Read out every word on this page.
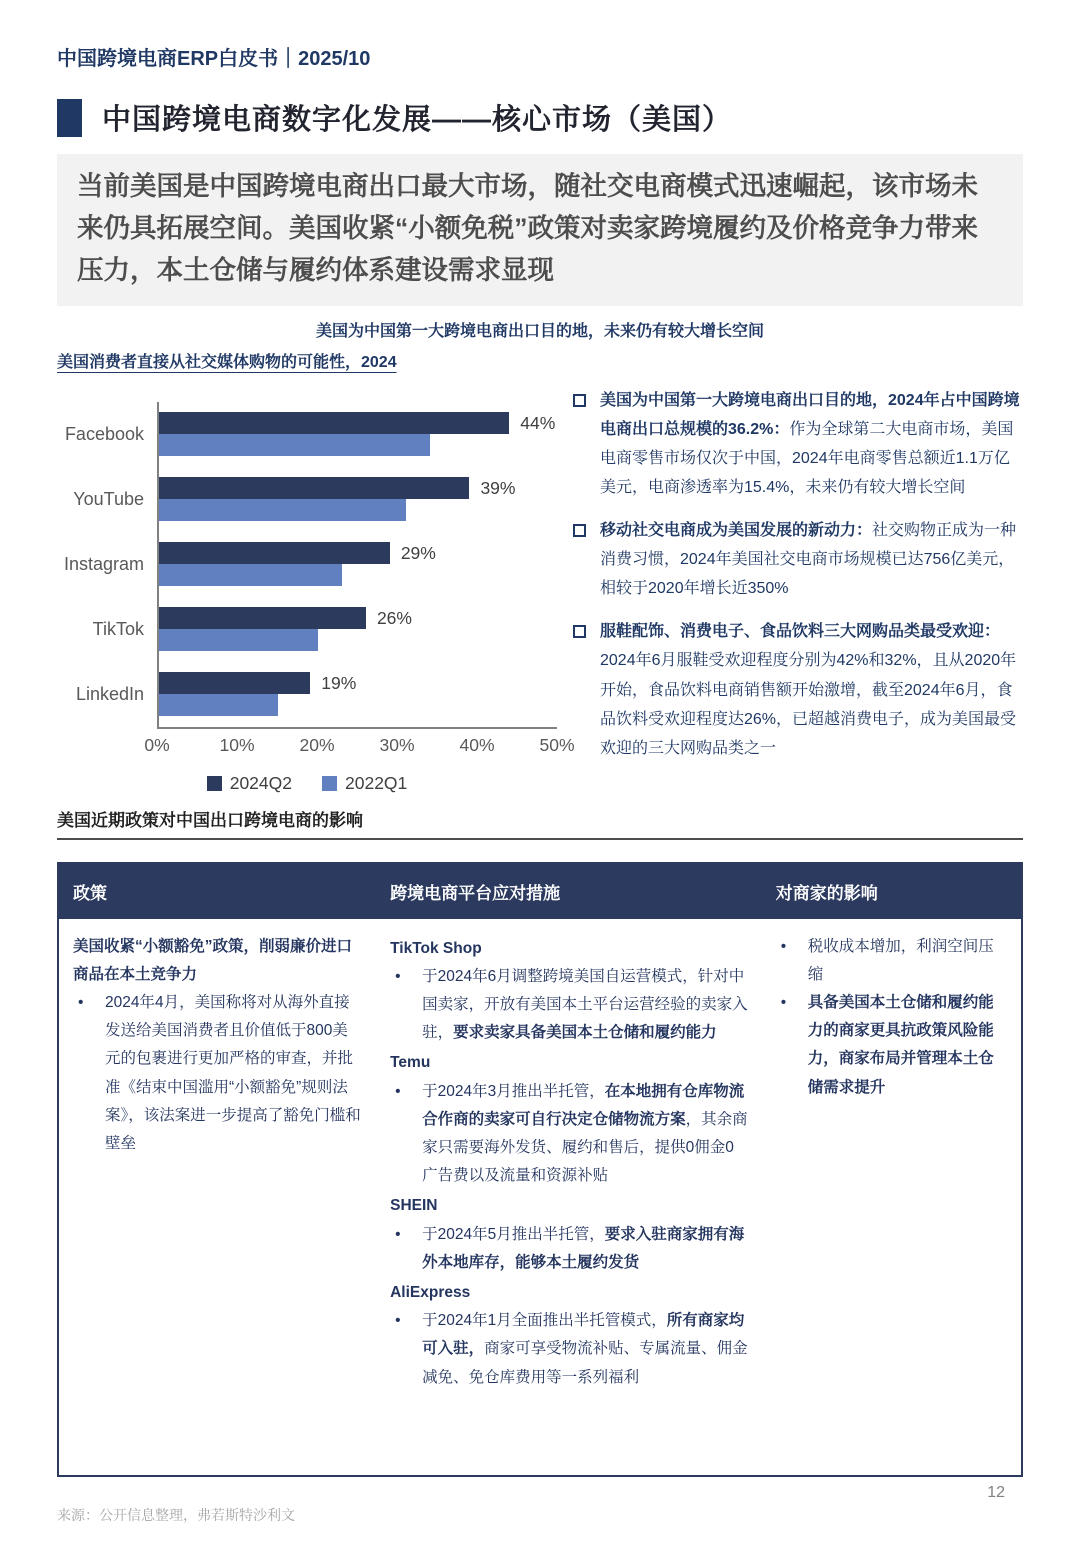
中国跨境电商ERP白皮书｜2025/10
中国跨境电商数字化发展——核心市场（美国）
当前美国是中国跨境电商出口最大市场，随社交电商模式迅速崛起，该市场未来仍具拓展空间。美国收紧“小额免税”政策对卖家跨境履约及价格竞争力带来压力，本土仓储与履约体系建设需求显现
美国为中国第一大跨境电商出口目的地，未来仍有较大增长空间
美国消费者直接从社交媒体购物的可能性，2024
Facebook
YouTube
Instagram
TikTok
LinkedIn
44%
39%
29%
26%
19%
0%	10%	20%	30%	40%	50%
2024Q2	2022Q1
美国为中国第一大跨境电商出口目的地，2024年占中国跨境电商出口总规模的36.2%：作为全球第二大电商市场，美国电商零售市场仅次于中国，2024年电商零售总额近1.1万亿美元，电商渗透率为15.4%，未来仍有较大增长空间
移动社交电商成为美国发展的新动力：社交购物正成为一种消费习惯，2024年美国社交电商市场规模已达756亿美元，相较于2020年增长近350%
服鞋配饰、消费电子、食品饮料三大网购品类最受欢迎：2024年6月服鞋受欢迎程度分别为42%和32%，且从2020年开始，食品饮料电商销售额开始激增，截至2024年6月，食品饮料受欢迎程度达26%，已超越消费电子，成为美国最受欢迎的三大网购品类之一
美国近期政策对中国出口跨境电商的影响
政策	跨境电商平台应对措施	对商家的影响

美国收紧“小额豁免”政策，削弱廉价进口商品在本土竞争力
•	2024年4月，美国称将对从海外直接发送给美国消费者且价值低于800美元的包裹进行更加严格的审查，并批准《结束中国滥用“小额豁免”规则法案》，该法案进一步提高了豁免门槛和壁垒

TikTok Shop
•	于2024年6月调整跨境美国自运营模式，针对中国卖家，开放有美国本土平台运营经验的卖家入驻，要求卖家具备美国本土仓储和履约能力
Temu
•	于2024年3月推出半托管，在本地拥有仓库物流合作商的卖家可自行决定仓储物流方案，其余商家只需要海外发货、履约和售后，提供0佣金0广告费以及流量和资源补贴
SHEIN
•	于2024年5月推出半托管，要求入驻商家拥有海外本地库存，能够本土履约发货
AliExpress
•	于2024年1月全面推出半托管模式，所有商家均可入驻，商家可享受物流补贴、专属流量、佣金减免、免仓库费用等一系列福利

•	税收成本增加，利润空间压缩
•	具备美国本土仓储和履约能力的商家更具抗政策风险能力，商家布局并管理本土仓储需求提升
来源：公开信息整理，弗若斯特沙利文
12
